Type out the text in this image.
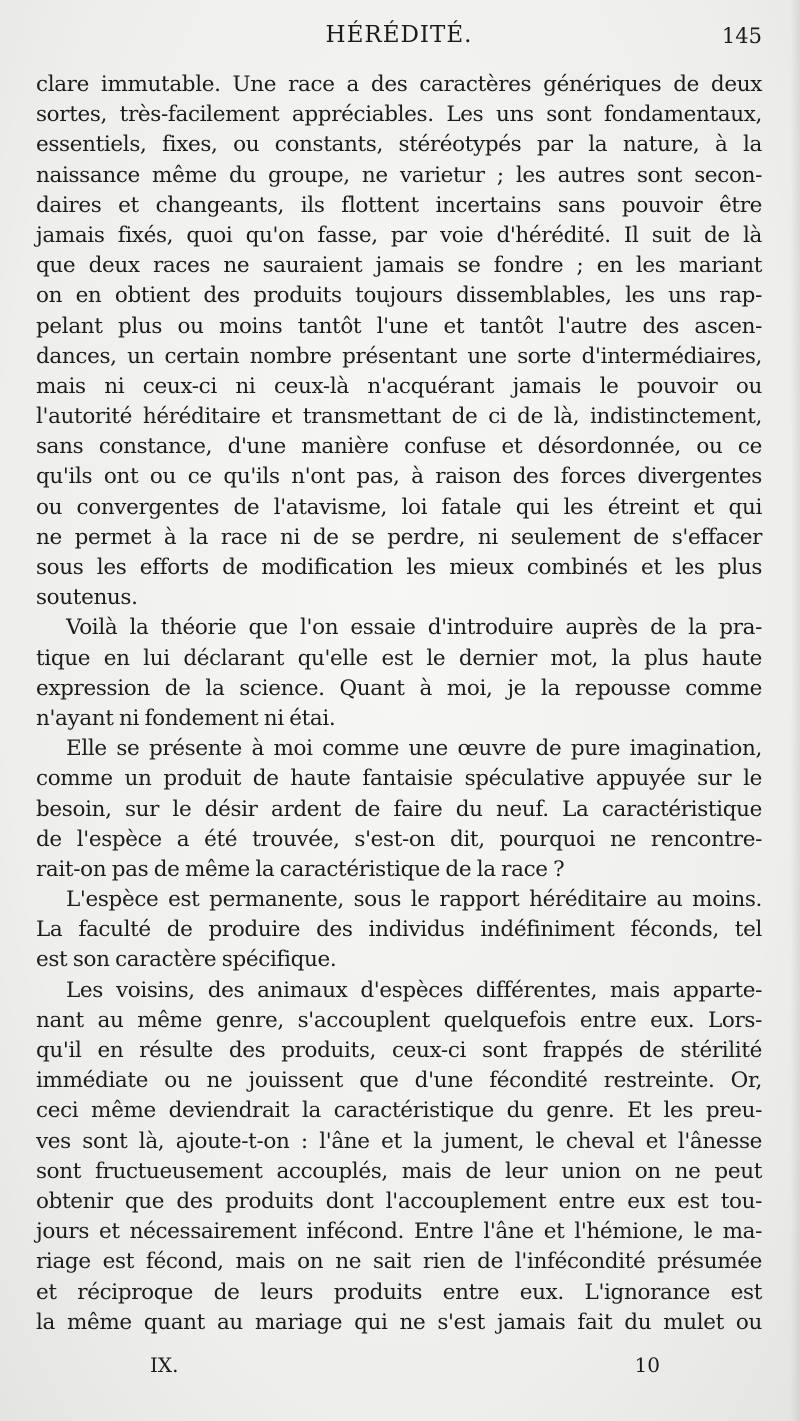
HÉRÉDITÉ.	145
clare immutable. Une race a des caractères génériques de deux
sortes, très-facilement appréciables. Les uns sont fondamentaux,
essentiels, fixes, ou constants, stéréotypés par la nature, à la
naissance même du groupe, ne varietur ; les autres sont secon-
daires et changeants, ils flottent incertains sans pouvoir être
jamais fixés, quoi qu'on fasse, par voie d'hérédité. Il suit de là
que deux races ne sauraient jamais se fondre ; en les mariant
on en obtient des produits toujours dissemblables, les uns rap-
pelant plus ou moins tantôt l'une et tantôt l'autre des ascen-
dances, un certain nombre présentant une sorte d'intermédiaires,
mais ni ceux-ci ni ceux-là n'acquérant jamais le pouvoir ou
l'autorité héréditaire et transmettant de ci de là, indistinctement,
sans constance, d'une manière confuse et désordonnée, ou ce
qu'ils ont ou ce qu'ils n'ont pas, à raison des forces divergentes
ou convergentes de l'atavisme, loi fatale qui les étreint et qui
ne permet à la race ni de se perdre, ni seulement de s'effacer
sous les efforts de modification les mieux combinés et les plus
soutenus.
Voilà la théorie que l'on essaie d'introduire auprès de la pra-
tique en lui déclarant qu'elle est le dernier mot, la plus haute
expression de la science. Quant à moi, je la repousse comme
n'ayant ni fondement ni étai.
Elle se présente à moi comme une œuvre de pure imagination,
comme un produit de haute fantaisie spéculative appuyée sur le
besoin, sur le désir ardent de faire du neuf. La caractéristique
de l'espèce a été trouvée, s'est-on dit, pourquoi ne rencontre-
rait-on pas de même la caractéristique de la race ?
L'espèce est permanente, sous le rapport héréditaire au moins.
La faculté de produire des individus indéfiniment féconds, tel
est son caractère spécifique.
Les voisins, des animaux d'espèces différentes, mais apparte-
nant au même genre, s'accouplent quelquefois entre eux. Lors-
qu'il en résulte des produits, ceux-ci sont frappés de stérilité
immédiate ou ne jouissent que d'une fécondité restreinte. Or,
ceci même deviendrait la caractéristique du genre. Et les preu-
ves sont là, ajoute-t-on : l'âne et la jument, le cheval et l'ânesse
sont fructueusement accouplés, mais de leur union on ne peut
obtenir que des produits dont l'accouplement entre eux est tou-
jours et nécessairement infécond. Entre l'âne et l'hémione, le ma-
riage est fécond, mais on ne sait rien de l'infécondité présumée
et réciproque de leurs produits entre eux. L'ignorance est
la même quant au mariage qui ne s'est jamais fait du mulet ou
IX.	10
